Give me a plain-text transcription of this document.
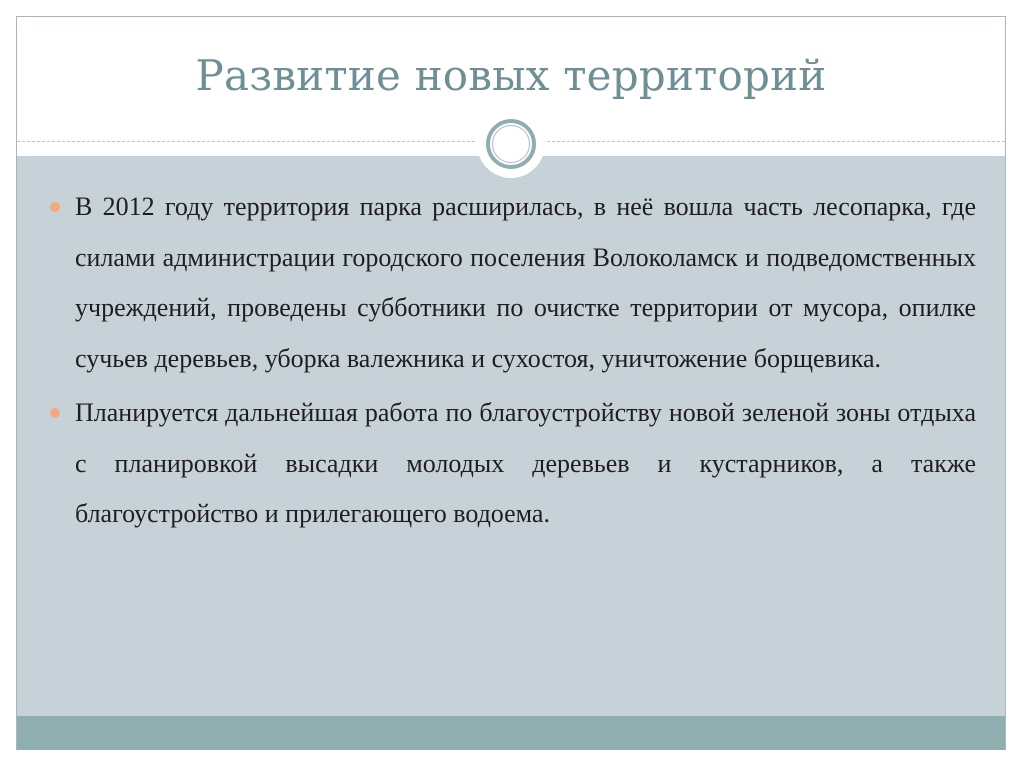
Развитие новых территорий
В 2012 году территория парка расширилась, в неё вошла часть лесопарка, где силами администрации городского поселения Волоколамск и подведомственных учреждений, проведены субботники по очистке территории от мусора, опилке сучьев деревьев, уборка валежника и сухостоя, уничтожение борщевика.
Планируется дальнейшая работа по благоустройству новой зеленой зоны отдыха с планировкой высадки молодых деревьев и кустарников, а также благоустройство и прилегающего водоема.
